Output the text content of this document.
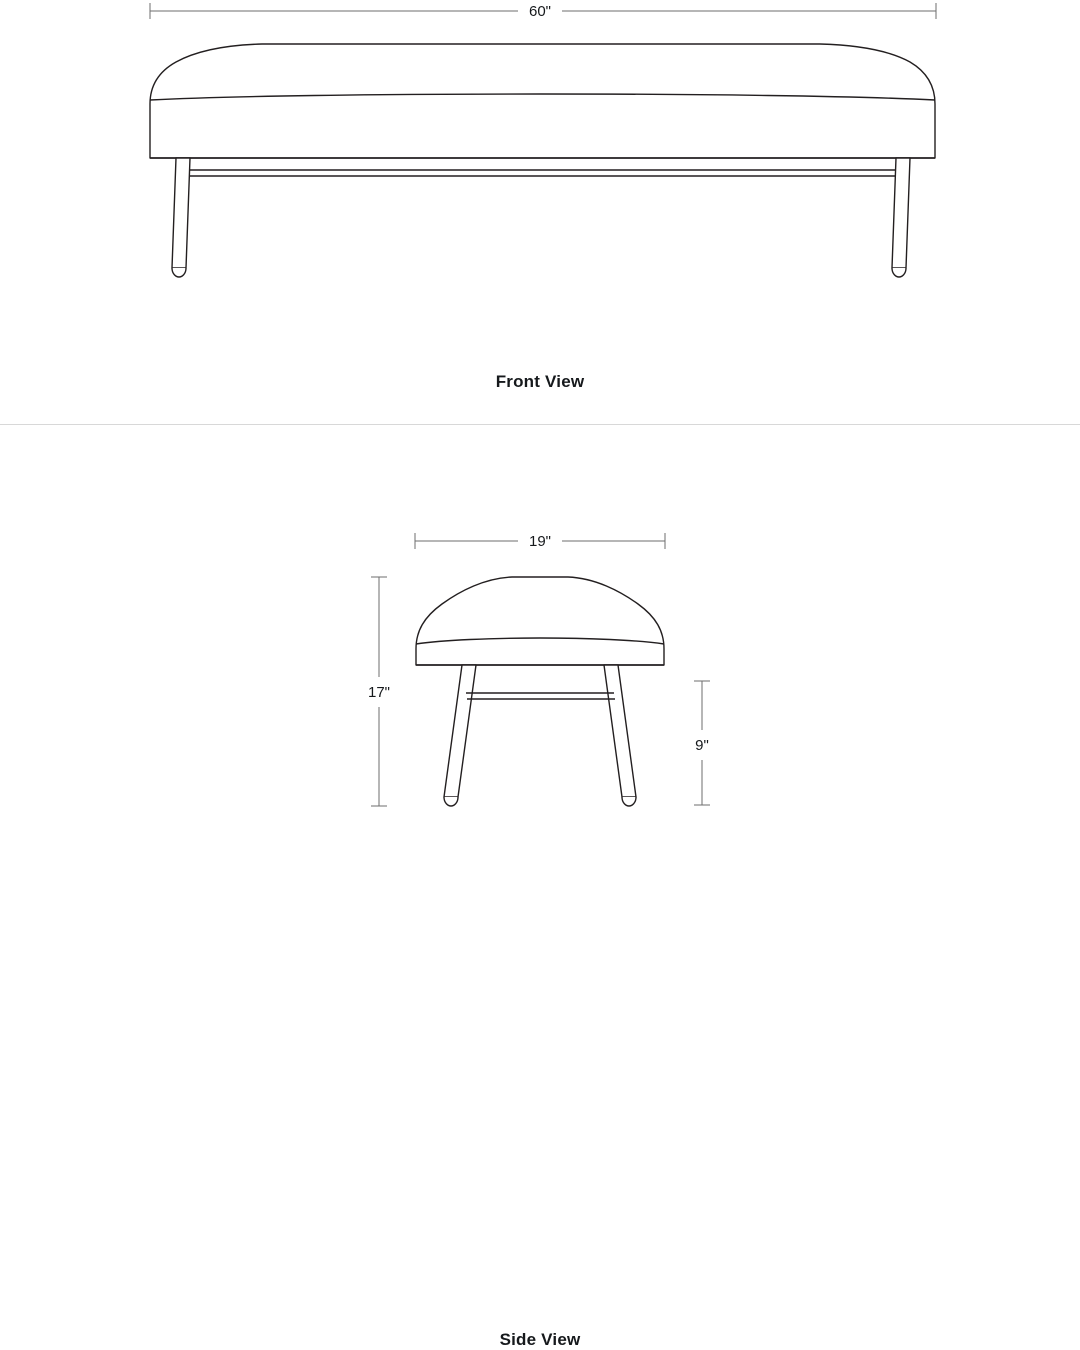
60"
Front View
19"
17"
9"
Side View
